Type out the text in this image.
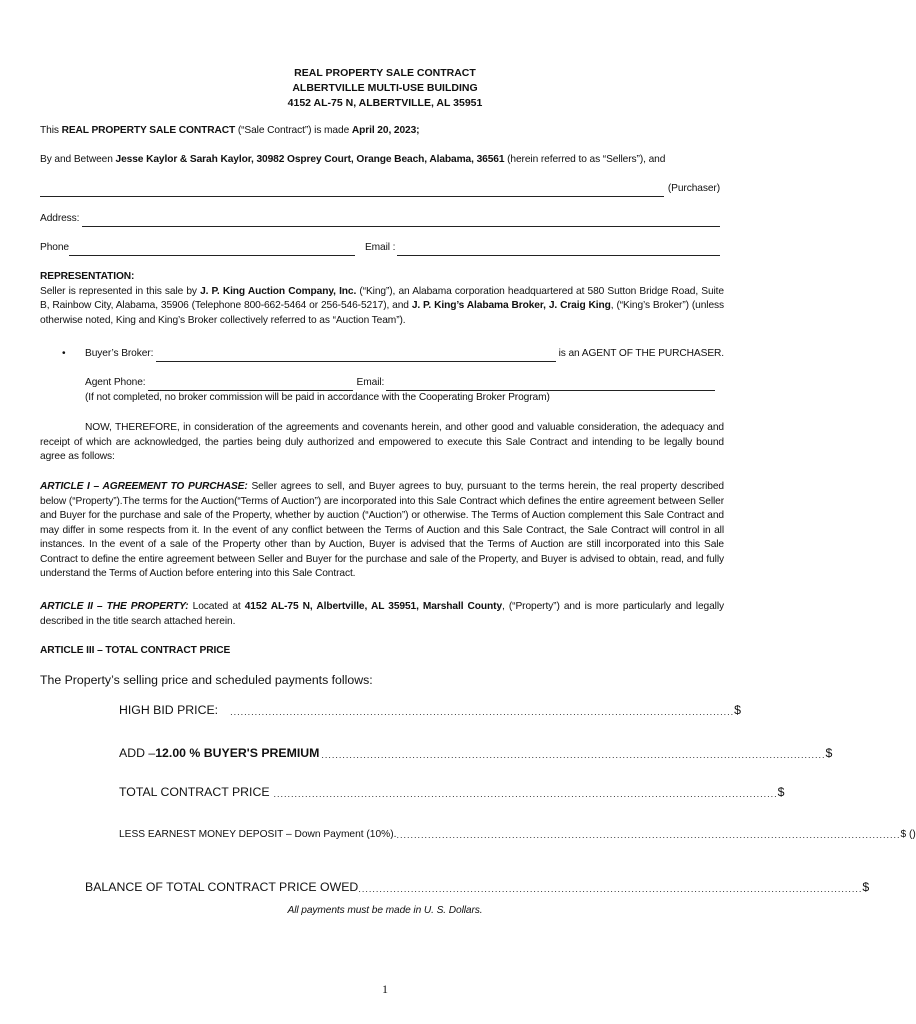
REAL PROPERTY SALE CONTRACT
ALBERTVILLE MULTI-USE BUILDING
4152 AL-75 N, ALBERTVILLE, AL 35951
This REAL PROPERTY SALE CONTRACT (“Sale Contract”) is made April 20, 2023;
By and Between Jesse Kaylor & Sarah Kaylor, 30982 Osprey Court, Orange Beach, Alabama, 36561 (herein referred to as “Sellers”), and
(Purchaser)
Address:
Phone	Email :
REPRESENTATION:
Seller is represented in this sale by J. P. King Auction Company, Inc. (“King”), an Alabama corporation headquartered at 580 Sutton Bridge Road, Suite B, Rainbow City, Alabama, 35906 (Telephone 800-662-5464 or 256-546-5217), and J. P. King’s Alabama Broker, J. Craig King, (“King’s Broker”) (unless otherwise noted, King and King’s Broker collectively referred to as “Auction Team”).
•	Buyer’s Broker:	is an AGENT OF THE PURCHASER.
Agent Phone:	Email:
(If not completed, no broker commission will be paid in accordance with the Cooperating Broker Program)
NOW, THEREFORE, in consideration of the agreements and covenants herein, and other good and valuable consideration, the adequacy and receipt of which are acknowledged, the parties being duly authorized and empowered to execute this Sale Contract and intending to be legally bound agree as follows:
ARTICLE I – AGREEMENT TO PURCHASE: Seller agrees to sell, and Buyer agrees to buy, pursuant to the terms herein, the real property described below (“Property”).The terms for the Auction(“Terms of Auction”) are incorporated into this Sale Contract which defines the entire agreement between Seller and Buyer for the purchase and sale of the Property, whether by auction (“Auction”) or otherwise. The Terms of Auction complement this Sale Contract and may differ in some respects from it. In the event of any conflict between the Terms of Auction and this Sale Contract, the Sale Contract will control in all instances. In the event of a sale of the Property other than by Auction, Buyer is advised that the Terms of Auction are still incorporated into this Sale Contract to define the entire agreement between Seller and Buyer for the purchase and sale of the Property, and Buyer is advised to obtain, read, and fully understand the Terms of Auction before entering into this Sale Contract.
ARTICLE II – THE PROPERTY: Located at 4152 AL-75 N, Albertville, AL 35951, Marshall County, (“Property”) and is more particularly and legally described in the title search attached herein.
ARTICLE III – TOTAL CONTRACT PRICE
The Property’s selling price and scheduled payments follows:
HIGH BID PRICE: ................................................................................................................................................ $
ADD – 12.00 % BUYER'S PREMIUM ................................................................................................................................................ $
TOTAL CONTRACT PRICE ................................................................................................................................................ $
LESS EARNEST MONEY DEPOSIT – Down Payment (10%). ................................................................................................................................................ $ ( )
BALANCE OF TOTAL CONTRACT PRICE OWED ................................................................................................................................................ $
All payments must be made in U. S. Dollars.
1
